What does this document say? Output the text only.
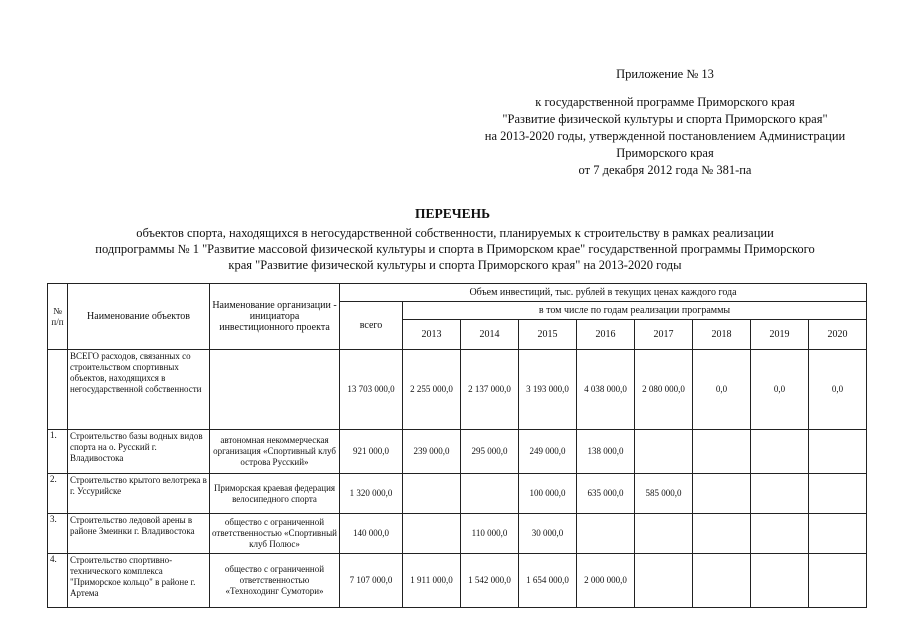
Приложение № 13
к государственной программе Приморского края
"Развитие физической культуры и спорта Приморского края"
на 2013-2020 годы, утвержденной постановлением Администрации
Приморского края
от 7 декабря 2012 года № 381-па
ПЕРЕЧЕНЬ
объектов спорта, находящихся в негосударственной собственности, планируемых к строительству в рамках реализации
подпрограммы № 1 "Развитие массовой физической культуры и спорта в Приморском крае" государственной программы Приморского
края "Развитие физической культуры и спорта Приморского края" на 2013-2020 годы
№ п/п	Наименование объектов	Наименование организации - инициатора инвестиционного проекта	Объем инвестиций, тыс. рублей в текущих ценах каждого года								
			всего	в том числе по годам реализации программы							
				2013	2014	2015	2016	2017	2018	2019	2020
	ВСЕГО расходов, связанных со строительством спортивных объектов, находящихся в негосударственной собственности		13 703 000,0	2 255 000,0	2 137 000,0	3 193 000,0	4 038 000,0	2 080 000,0	0,0	0,0	0,0
1.	Строительство базы водных видов спорта на о. Русский г. Владивостока	автономная некоммерческая организация «Спортивный клуб острова Русский»	921 000,0	239 000,0	295 000,0	249 000,0	138 000,0				
2.	Строительство крытого велотрека в г. Уссурийске	Приморская краевая федерация велосипедного спорта	1 320 000,0			100 000,0	635 000,0	585 000,0			
3.	Строительство ледовой арены в районе Змеинки г. Владивостока	общество с ограниченной ответственностью «Спортивный клуб Полюс»	140 000,0		110 000,0	30 000,0					
4.	Строительство спортивно-технического комплекса "Приморское кольцо" в районе г. Артема	общество с ограниченной ответственностью «Техноходинг Сумотори»	7 107 000,0	1 911 000,0	1 542 000,0	1 654 000,0	2 000 000,0				
